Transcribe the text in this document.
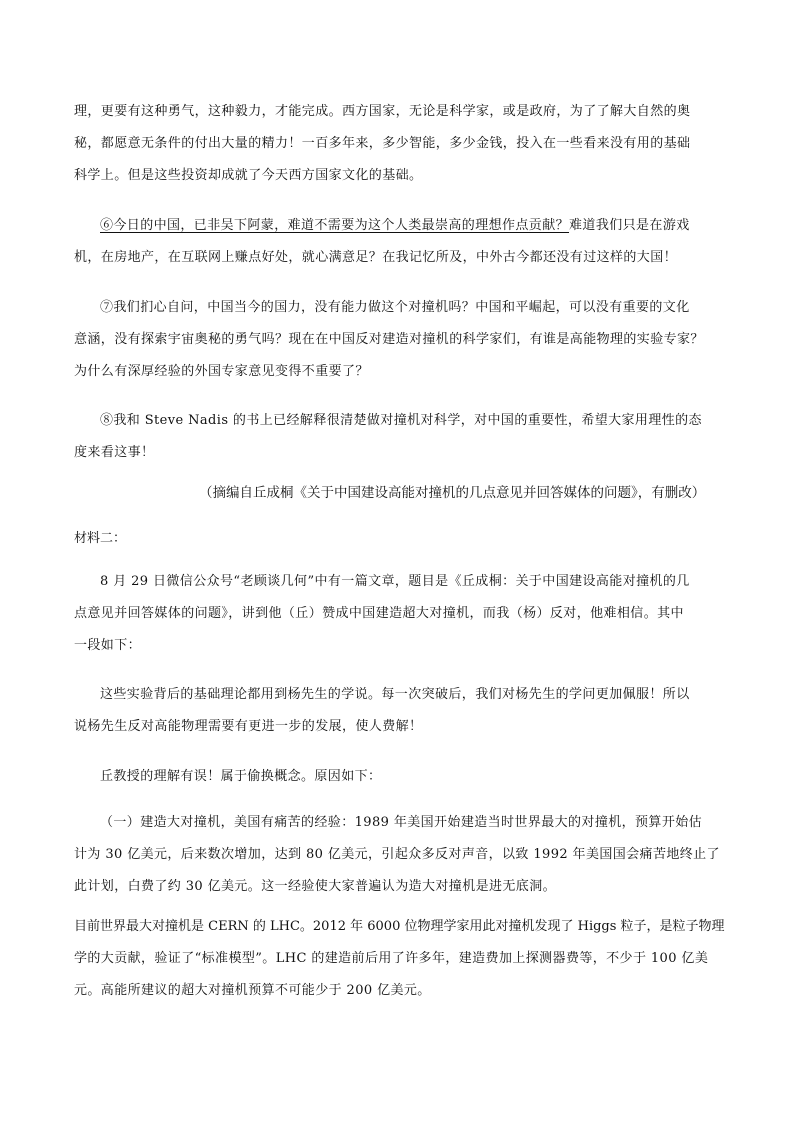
理，更要有这种勇气，这种毅力，才能完成。西方国家，无论是科学家，或是政府，为了了解大自然的奥
秘，都愿意无条件的付出大量的精力！一百多年来，多少智能，多少金钱，投入在一些看来没有用的基础
科学上。但是这些投资却成就了今天西方国家文化的基础。

⑥今日的中国，已非吴下阿蒙，难道不需要为这个人类最崇高的理想作点贡献？难道我们只是在游戏
机，在房地产，在互联网上赚点好处，就心满意足？在我记忆所及，中外古今都还没有过这样的大国！

⑦我们扪心自问，中国当今的国力，没有能力做这个对撞机吗？中国和平崛起，可以没有重要的文化
意涵，没有探索宇宙奥秘的勇气吗？现在在中国反对建造对撞机的科学家们，有谁是高能物理的实验专家？
为什么有深厚经验的外国专家意见变得不重要了？

⑧我和 Steve Nadis 的书上已经解释很清楚做对撞机对科学，对中国的重要性，希望大家用理性的态
度来看这事！

（摘编自丘成桐《关于中国建设高能对撞机的几点意见并回答媒体的问题》，有删改）
材料二：

8 月 29 日微信公众号“老顾谈几何”中有一篇文章，题目是《丘成桐：关于中国建设高能对撞机的几
点意见并回答媒体的问题》，讲到他（丘）赞成中国建造超大对撞机，而我（杨）反对，他难相信。其中
一段如下：

这些实验背后的基础理论都用到杨先生的学说。每一次突破后，我们对杨先生的学问更加佩服！所以
说杨先生反对高能物理需要有更进一步的发展，使人费解！

丘教授的理解有误！属于偷换概念。原因如下：

（一）建造大对撞机，美国有痛苦的经验：1989 年美国开始建造当时世界最大的对撞机，预算开始估
计为 30 亿美元，后来数次增加，达到 80 亿美元，引起众多反对声音，以致 1992 年美国国会痛苦地终止了
此计划，白费了约 30 亿美元。这一经验使大家普遍认为造大对撞机是进无底洞。

目前世界最大对撞机是 CERN 的 LHC。2012 年 6000 位物理学家用此对撞机发现了 Higgs 粒子，是粒子物理
学的大贡献，验证了“标准模型”。LHC 的建造前后用了许多年，建造费加上探测器费等，不少于 100 亿美
元。高能所建议的超大对撞机预算不可能少于 200 亿美元。
